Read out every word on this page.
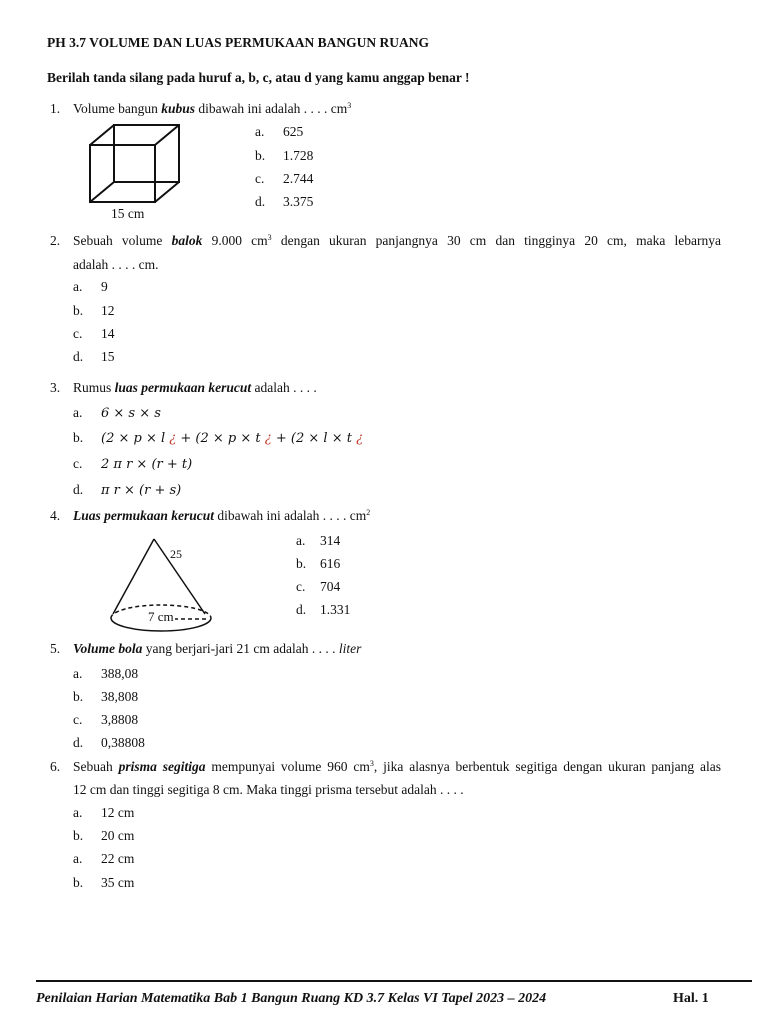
PH 3.7 VOLUME DAN LUAS PERMUKAAN BANGUN RUANG
Berilah tanda silang pada huruf a, b, c, atau d yang kamu anggap benar !
1. Volume bangun kubus dibawah ini adalah . . . . $cm^3$
15 cm
a. 625
b. 1.728
c. 2.744
d. 3.375
2. Sebuah volume balok 9.000 $cm^3$ dengan ukuran panjangnya 30 cm dan tingginya 20 cm, maka lebarnya
adalah . . . . cm.
a. 9
b. 12
c. 14
d. 15
3. Rumus luas permukaan kerucut adalah . . . .
a. 6 × s × s
b. (2 × p × l ¿ + (2 × p × t ¿ + (2 × l × t ¿
c. 2 π r × (r + t)
d. π r × (r + s)
4. Luas permukaan kerucut dibawah ini adalah . . . . $cm^2$
25
7 cm
a. 314
b. 616
c. 704
d. 1.331
5. Volume bola yang berjari-jari 21 cm adalah . . . . liter
a. 388,08
b. 38,808
c. 3,8808
d. 0,38808
6. Sebuah prisma segitiga mempunyai volume 960 $cm^3$, jika alasnya berbentuk segitiga dengan ukuran panjang alas
12 cm dan tinggi segitiga 8 cm. Maka tinggi prisma tersebut adalah . . . .
a. 12 cm
b. 20 cm
a. 22 cm
b. 35 cm
Penilaian Harian Matematika Bab 1 Bangun Ruang KD 3.7 Kelas VI Tapel 2023 – 2024	Hal. 1
